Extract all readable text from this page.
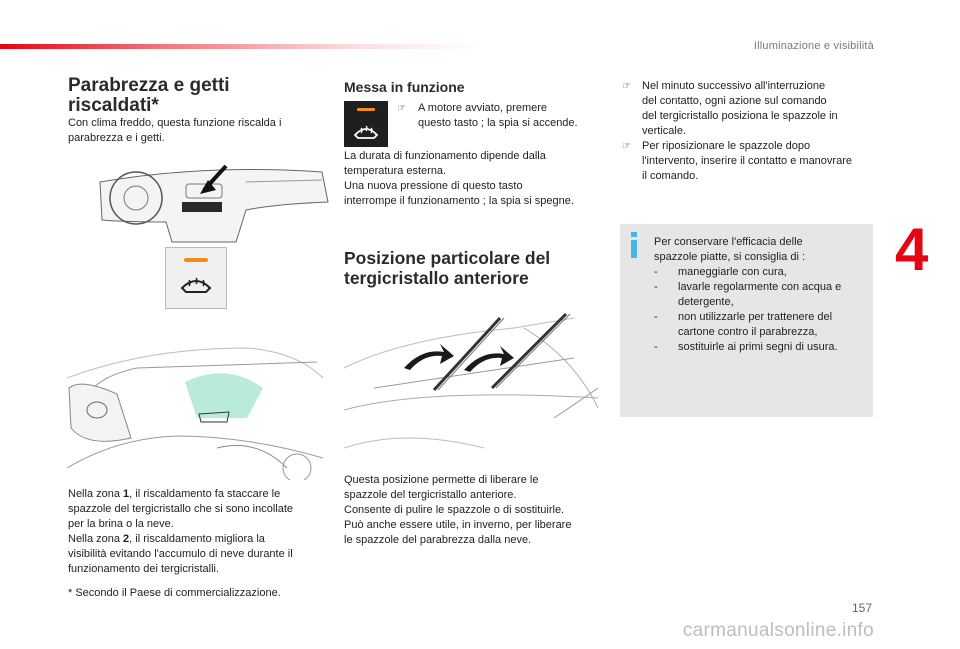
Illuminazione e visibilità
Parabrezza e getti
riscaldati*
Con clima freddo, questa funzione riscalda i
parabrezza e i getti.
Nella zona 1, il riscaldamento fa staccare le
spazzole del tergicristallo che si sono incollate
per la brina o la neve.
Nella zona 2, il riscaldamento migliora la
visibilità evitando l'accumulo di neve durante il
funzionamento dei tergicristalli.
* Secondo il Paese di commercializzazione.
Messa in funzione
☞	A motore avviato, premere
questo tasto ; la spia si accende.
La durata di funzionamento dipende dalla
temperatura esterna.
Una nuova pressione di questo tasto
interrompe il funzionamento ; la spia si spegne.
Posizione particolare del
tergicristallo anteriore
Questa posizione permette di liberare le
spazzole del tergicristallo anteriore.
Consente di pulire le spazzole o di sostituirle.
Può anche essere utile, in inverno, per liberare
le spazzole del parabrezza dalla neve.
☞	Nel minuto successivo all'interruzione
del contatto, ogni azione sul comando
del tergicristallo posiziona le spazzole in
verticale.
☞	Per riposizionare le spazzole dopo
l'intervento, inserire il contatto e manovrare
il comando.
Per conservare l'efficacia delle
spazzole piatte, si consiglia di :
-	maneggiarle con cura,
-	lavarle regolarmente con acqua e
detergente,
-	non utilizzarle per trattenere del
cartone contro il parabrezza,
-	sostituirle ai primi segni di usura.
4
157
carmanualsonline.info
